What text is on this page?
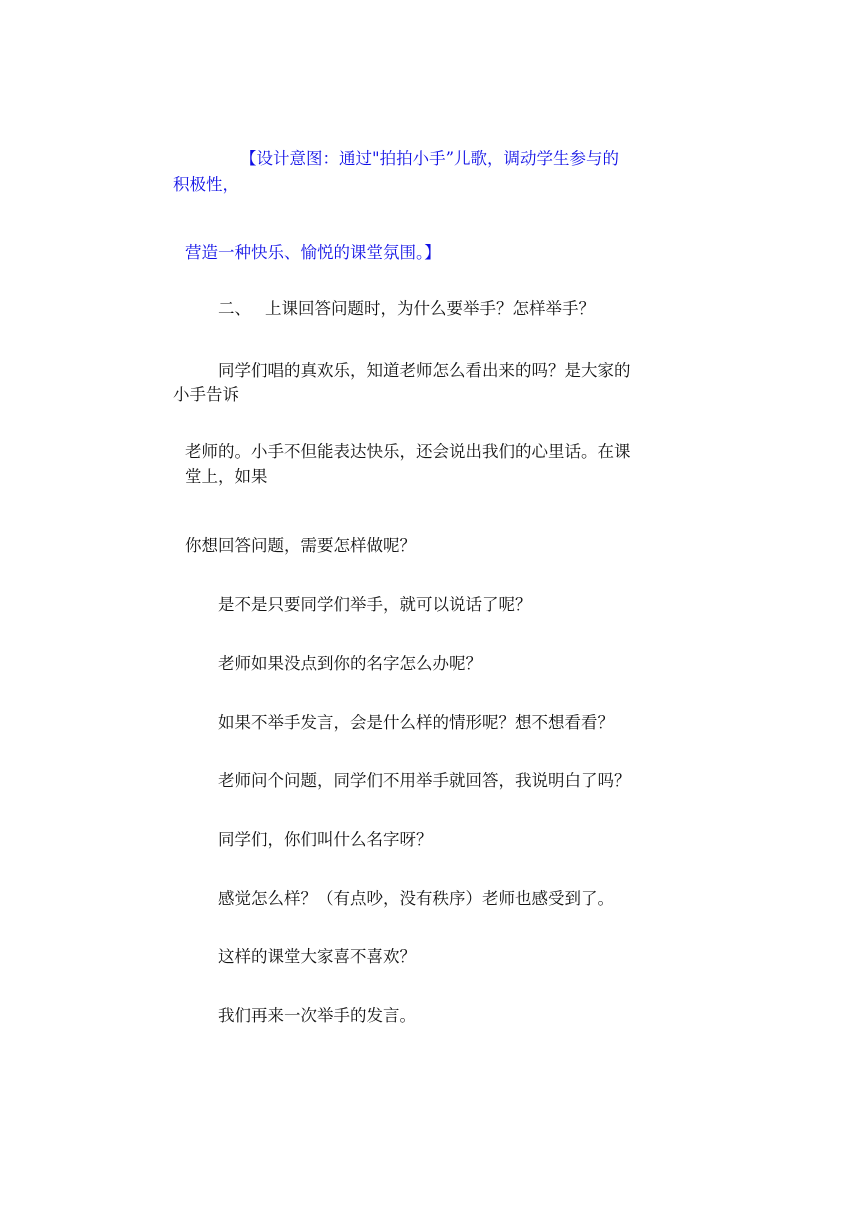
【设计意图：通过"拍拍小手”儿歌，调动学生参与的

积极性，

营造一种快乐、愉悦的课堂氛围。】

二、 上课回答问题时，为什么要举手？怎样举手？

同学们唱的真欢乐，知道老师怎么看出来的吗？是大家的

小手告诉

老师的。小手不但能表达快乐，还会说出我们的心里话。在课

堂上，如果

你想回答问题，需要怎样做呢？

是不是只要同学们举手，就可以说话了呢？

老师如果没点到你的名字怎么办呢？

如果不举手发言，会是什么样的情形呢？想不想看看？

老师问个问题，同学们不用举手就回答，我说明白了吗？

同学们，你们叫什么名字呀？

感觉怎么样？（有点吵，没有秩序）老师也感受到了。

这样的课堂大家喜不喜欢？

我们再来一次举手的发言。
